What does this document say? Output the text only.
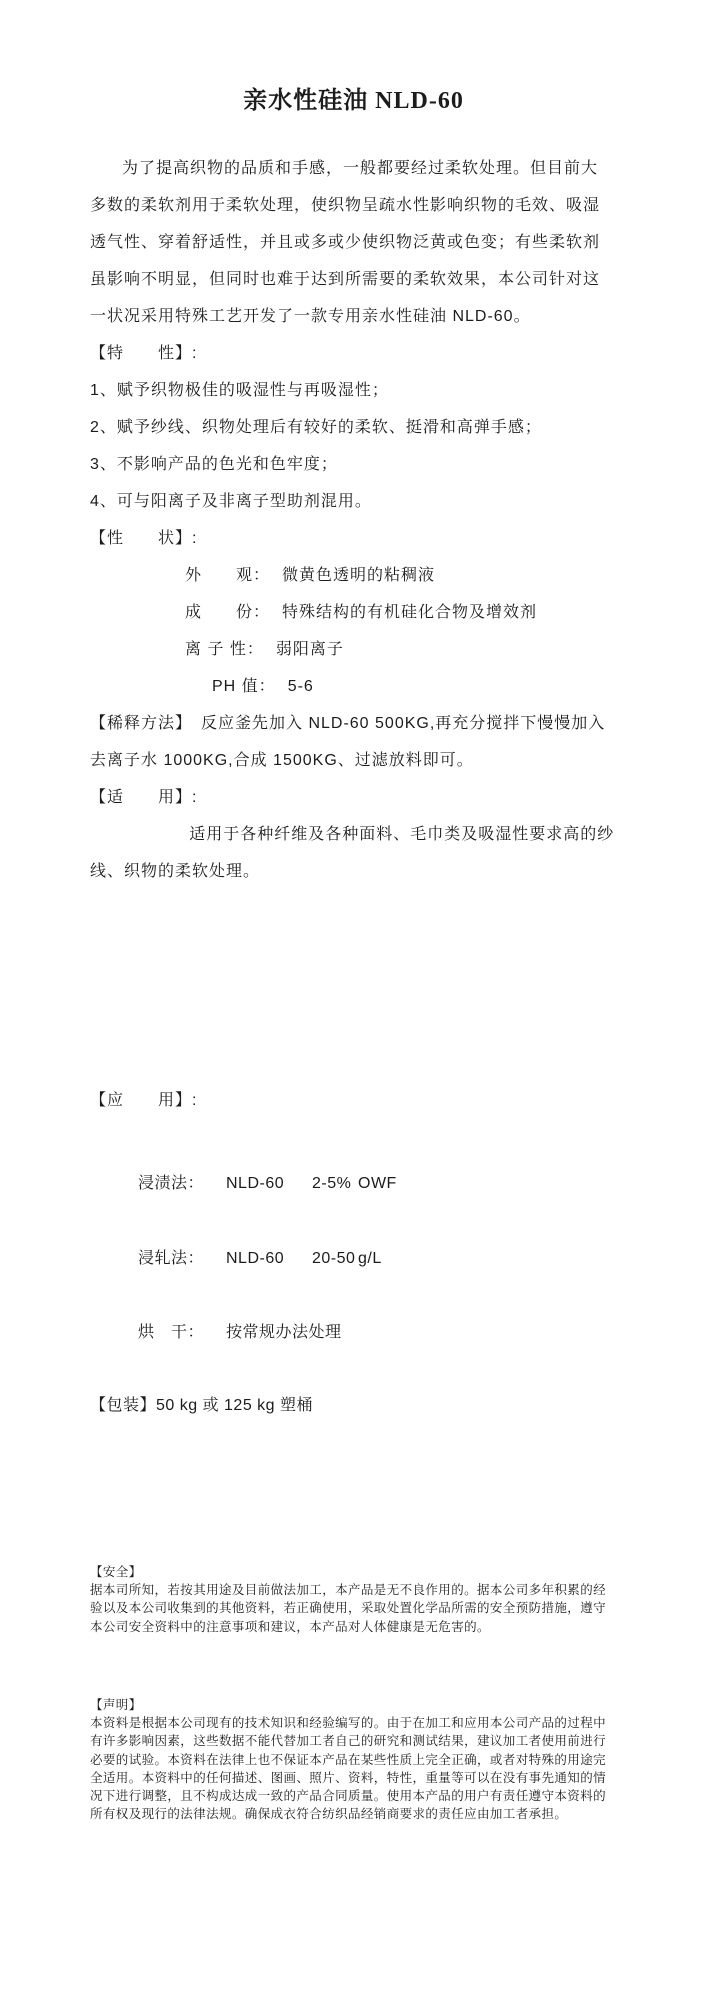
亲水性硅油 NLD-60
为了提高织物的品质和手感，一般都要经过柔软处理。但目前大
多数的柔软剂用于柔软处理，使织物呈疏水性影响织物的毛效、吸湿
透气性、穿着舒适性，并且或多或少使织物泛黄或色变；有些柔软剂
虽影响不明显，但同时也难于达到所需要的柔软效果，本公司针对这
一状况采用特殊工艺开发了一款专用亲水性硅油 NLD-60。
【特　　性】:
1、赋予织物极佳的吸湿性与再吸湿性；
2、赋予纱线、织物处理后有较好的柔软、挺滑和高弹手感；
3、不影响产品的色光和色牢度；
4、可与阳离子及非离子型助剂混用。
【性　　状】:
外　　观： 微黄色透明的粘稠液
成　　份： 特殊结构的有机硅化合物及增效剂
离 子 性： 弱阳离子
PH 值： 5-6
【稀释方法】　反应釜先加入 NLD-60 500KG,再充分搅拌下慢慢加入
去离子水 1000KG,合成 1500KG、过滤放料即可。
【适　　用】:
适用于各种纤维及各种面料、毛巾类及吸湿性要求高的纱
线、织物的柔软处理。
【应　　用】:
浸渍法： NLD-60 2-5% OWF
浸轧法： NLD-60 20-50 g/L
烘　干： 按常规办法处理
【包装】50 kg 或 125 kg 塑桶
【安全】
据本司所知，若按其用途及目前做法加工，本产品是无不良作用的。据本公司多年积累的经
验以及本公司收集到的其他资料，若正确使用，采取处置化学品所需的安全预防措施，遵守
本公司安全资料中的注意事项和建议，本产品对人体健康是无危害的。
【声明】
本资料是根据本公司现有的技术知识和经验编写的。由于在加工和应用本公司产品的过程中
有许多影响因素，这些数据不能代替加工者自己的研究和测试结果，建议加工者使用前进行
必要的试验。本资料在法律上也不保证本产品在某些性质上完全正确，或者对特殊的用途完
全适用。本资料中的任何描述、图画、照片、资料，特性，重量等可以在没有事先通知的情
况下进行调整，且不构成达成一致的产品合同质量。使用本产品的用户有责任遵守本资料的
所有权及现行的法律法规。确保成衣符合纺织品经销商要求的责任应由加工者承担。
